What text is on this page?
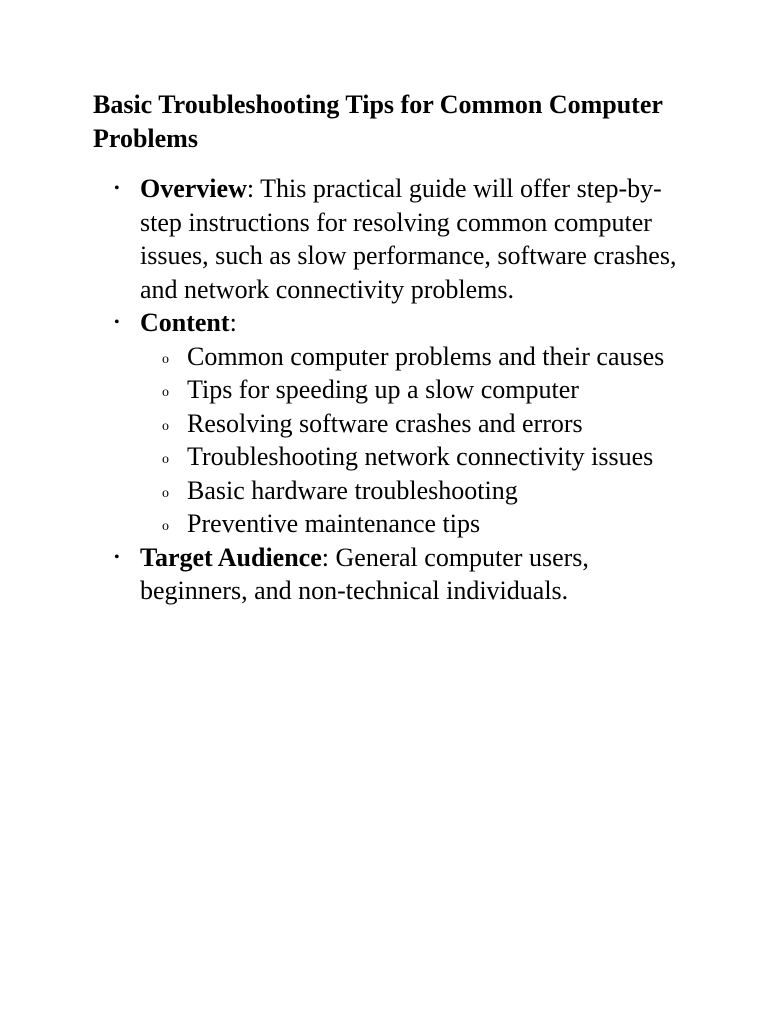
Basic Troubleshooting Tips for Common Computer Problems
• Overview: This practical guide will offer step-by-step instructions for resolving common computer issues, such as slow performance, software crashes, and network connectivity problems.
• Content:
o Common computer problems and their causes
o Tips for speeding up a slow computer
o Resolving software crashes and errors
o Troubleshooting network connectivity issues
o Basic hardware troubleshooting
o Preventive maintenance tips
• Target Audience: General computer users, beginners, and non-technical individuals.
